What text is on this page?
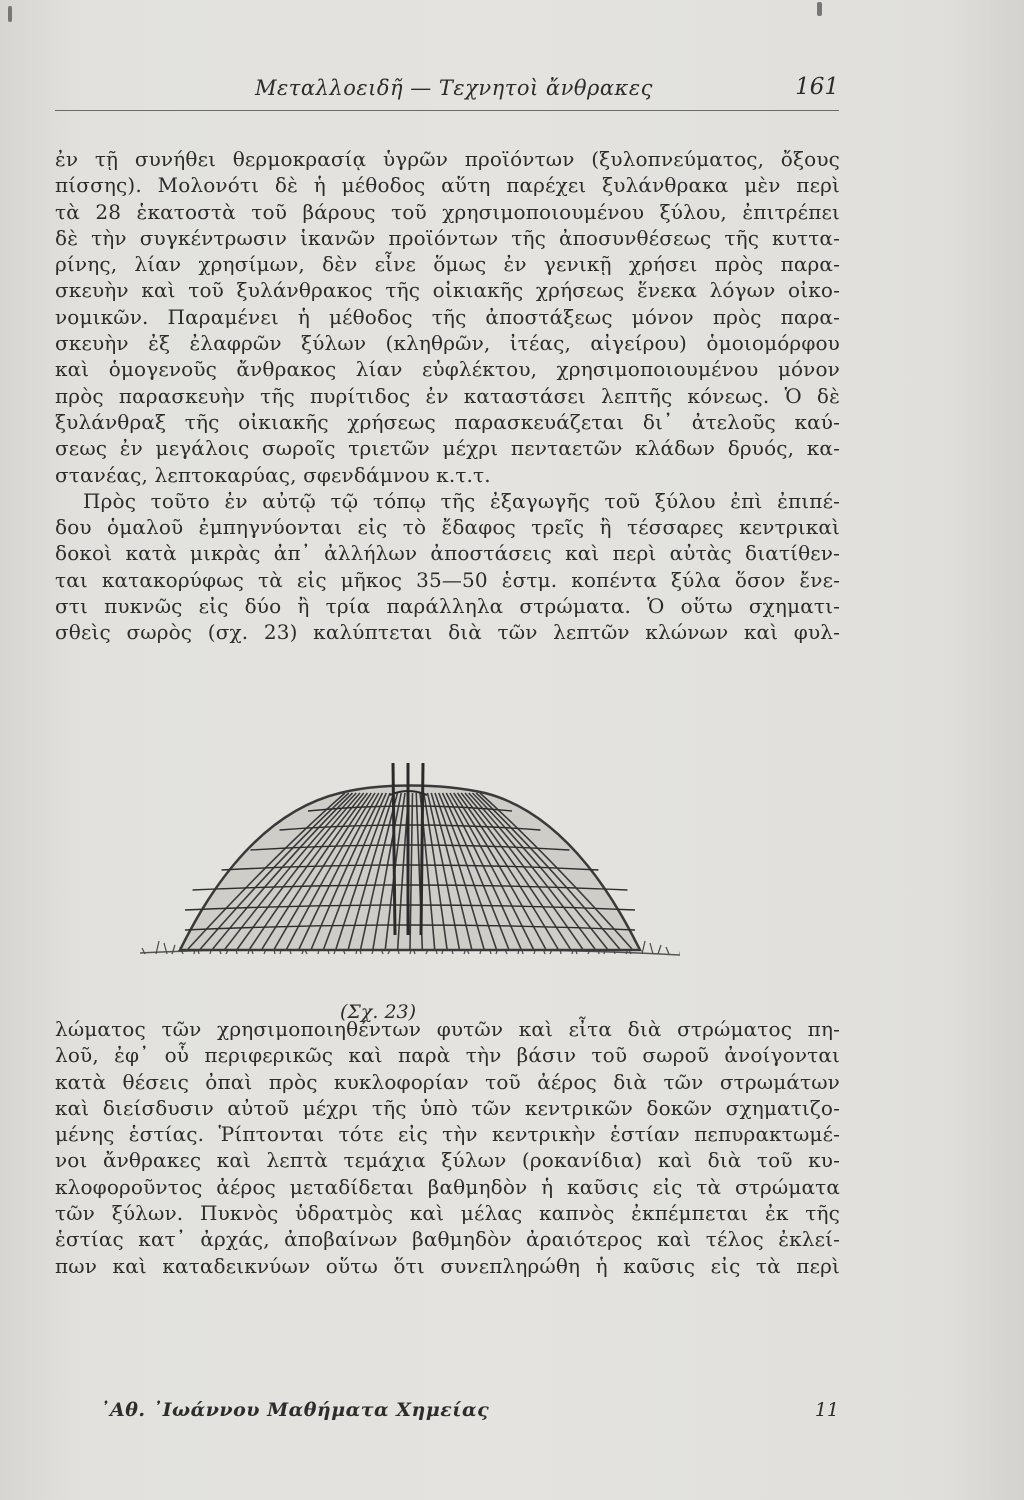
Μεταλλοειδῆ — Τεχνητοὶ ἄνθρακες	161
ἐν τῇ συνήθει θερμοκρασίᾳ ὑγρῶν προϊόντων (ξυλοπνεύματος, ὄξους
πίσσης). Μολονότι δὲ ἡ μέθοδος αὕτη παρέχει ξυλάνθρακα μὲν περὶ
τὰ 28 ἑκατοστὰ τοῦ βάρους τοῦ χρησιμοποιουμένου ξύλου, ἐπιτρέπει
δὲ τὴν συγκέντρωσιν ἱκανῶν προϊόντων τῆς ἀποσυνθέσεως τῆς κυττα-
ρίνης, λίαν χρησίμων, δὲν εἶνε ὅμως ἐν γενικῇ χρήσει πρὸς παρα-
σκευὴν καὶ τοῦ ξυλάνθρακος τῆς οἰκιακῆς χρήσεως ἕνεκα λόγων οἰκο-
νομικῶν. Παραμένει ἡ μέθοδος τῆς ἀποστάξεως μόνον πρὸς παρα-
σκευὴν ἐξ ἐλαφρῶν ξύλων (κληθρῶν, ἰτέας, αἰγείρου) ὁμοιομόρφου
καὶ ὁμογενοῦς ἄνθρακος λίαν εὐφλέκτου, χρησιμοποιουμένου μόνον
πρὸς παρασκευὴν τῆς πυρίτιδος ἐν καταστάσει λεπτῆς κόνεως. Ὁ δὲ
ξυλάνθραξ τῆς οἰκιακῆς χρήσεως παρασκευάζεται δι᾿ ἀτελοῦς καύ-
σεως ἐν μεγάλοις σωροῖς τριετῶν μέχρι πενταετῶν κλάδων δρυός, κα-
στανέας, λεπτοκαρύας, σφενδάμνου κ.τ.τ.
Πρὸς τοῦτο ἐν αὐτῷ τῷ τόπῳ τῆς ἐξαγωγῆς τοῦ ξύλου ἐπὶ ἐπιπέ-
δου ὁμαλοῦ ἐμπηγνύονται εἰς τὸ ἔδαφος τρεῖς ἢ τέσσαρες κεντρικαὶ
δοκοὶ κατὰ μικρὰς ἀπ᾿ ἀλλήλων ἀποστάσεις καὶ περὶ αὐτὰς διατίθεν-
ται κατακορύφως τὰ εἰς μῆκος 35—50 ἑστμ. κοπέντα ξύλα ὅσον ἔνε-
στι πυκνῶς εἰς δύο ἢ τρία παράλληλα στρώματα. Ὁ οὕτω σχηματι-
σθεὶς σωρὸς (σχ. 23) καλύπτεται διὰ τῶν λεπτῶν κλώνων καὶ φυλ-
(Σχ. 23)
λώματος τῶν χρησιμοποιηθέντων φυτῶν καὶ εἶτα διὰ στρώματος πη-
λοῦ, ἐφ᾿ οὗ περιφερικῶς καὶ παρὰ τὴν βάσιν τοῦ σωροῦ ἀνοίγονται
κατὰ θέσεις ὀπαὶ πρὸς κυκλοφορίαν τοῦ ἀέρος διὰ τῶν στρωμάτων
καὶ διείσδυσιν αὐτοῦ μέχρι τῆς ὑπὸ τῶν κεντρικῶν δοκῶν σχηματιζο-
μένης ἑστίας. Ῥίπτονται τότε εἰς τὴν κεντρικὴν ἑστίαν πεπυρακτωμέ-
νοι ἄνθρακες καὶ λεπτὰ τεμάχια ξύλων (ροκανίδια) καὶ διὰ τοῦ κυ-
κλοφοροῦντος ἀέρος μεταδίδεται βαθμηδὸν ἡ καῦσις εἰς τὰ στρώματα
τῶν ξύλων. Πυκνὸς ὑδρατμὸς καὶ μέλας καπνὸς ἐκπέμπεται ἐκ τῆς
ἑστίας κατ᾿ ἀρχάς, ἀποβαίνων βαθμηδὸν ἀραιότερος καὶ τέλος ἐκλεί-
πων καὶ καταδεικνύων οὕτω ὅτι συνεπληρώθη ἡ καῦσις εἰς τὰ περὶ
᾿Αθ. ᾿Ιωάννου Μαθήματα Χημείας	11
